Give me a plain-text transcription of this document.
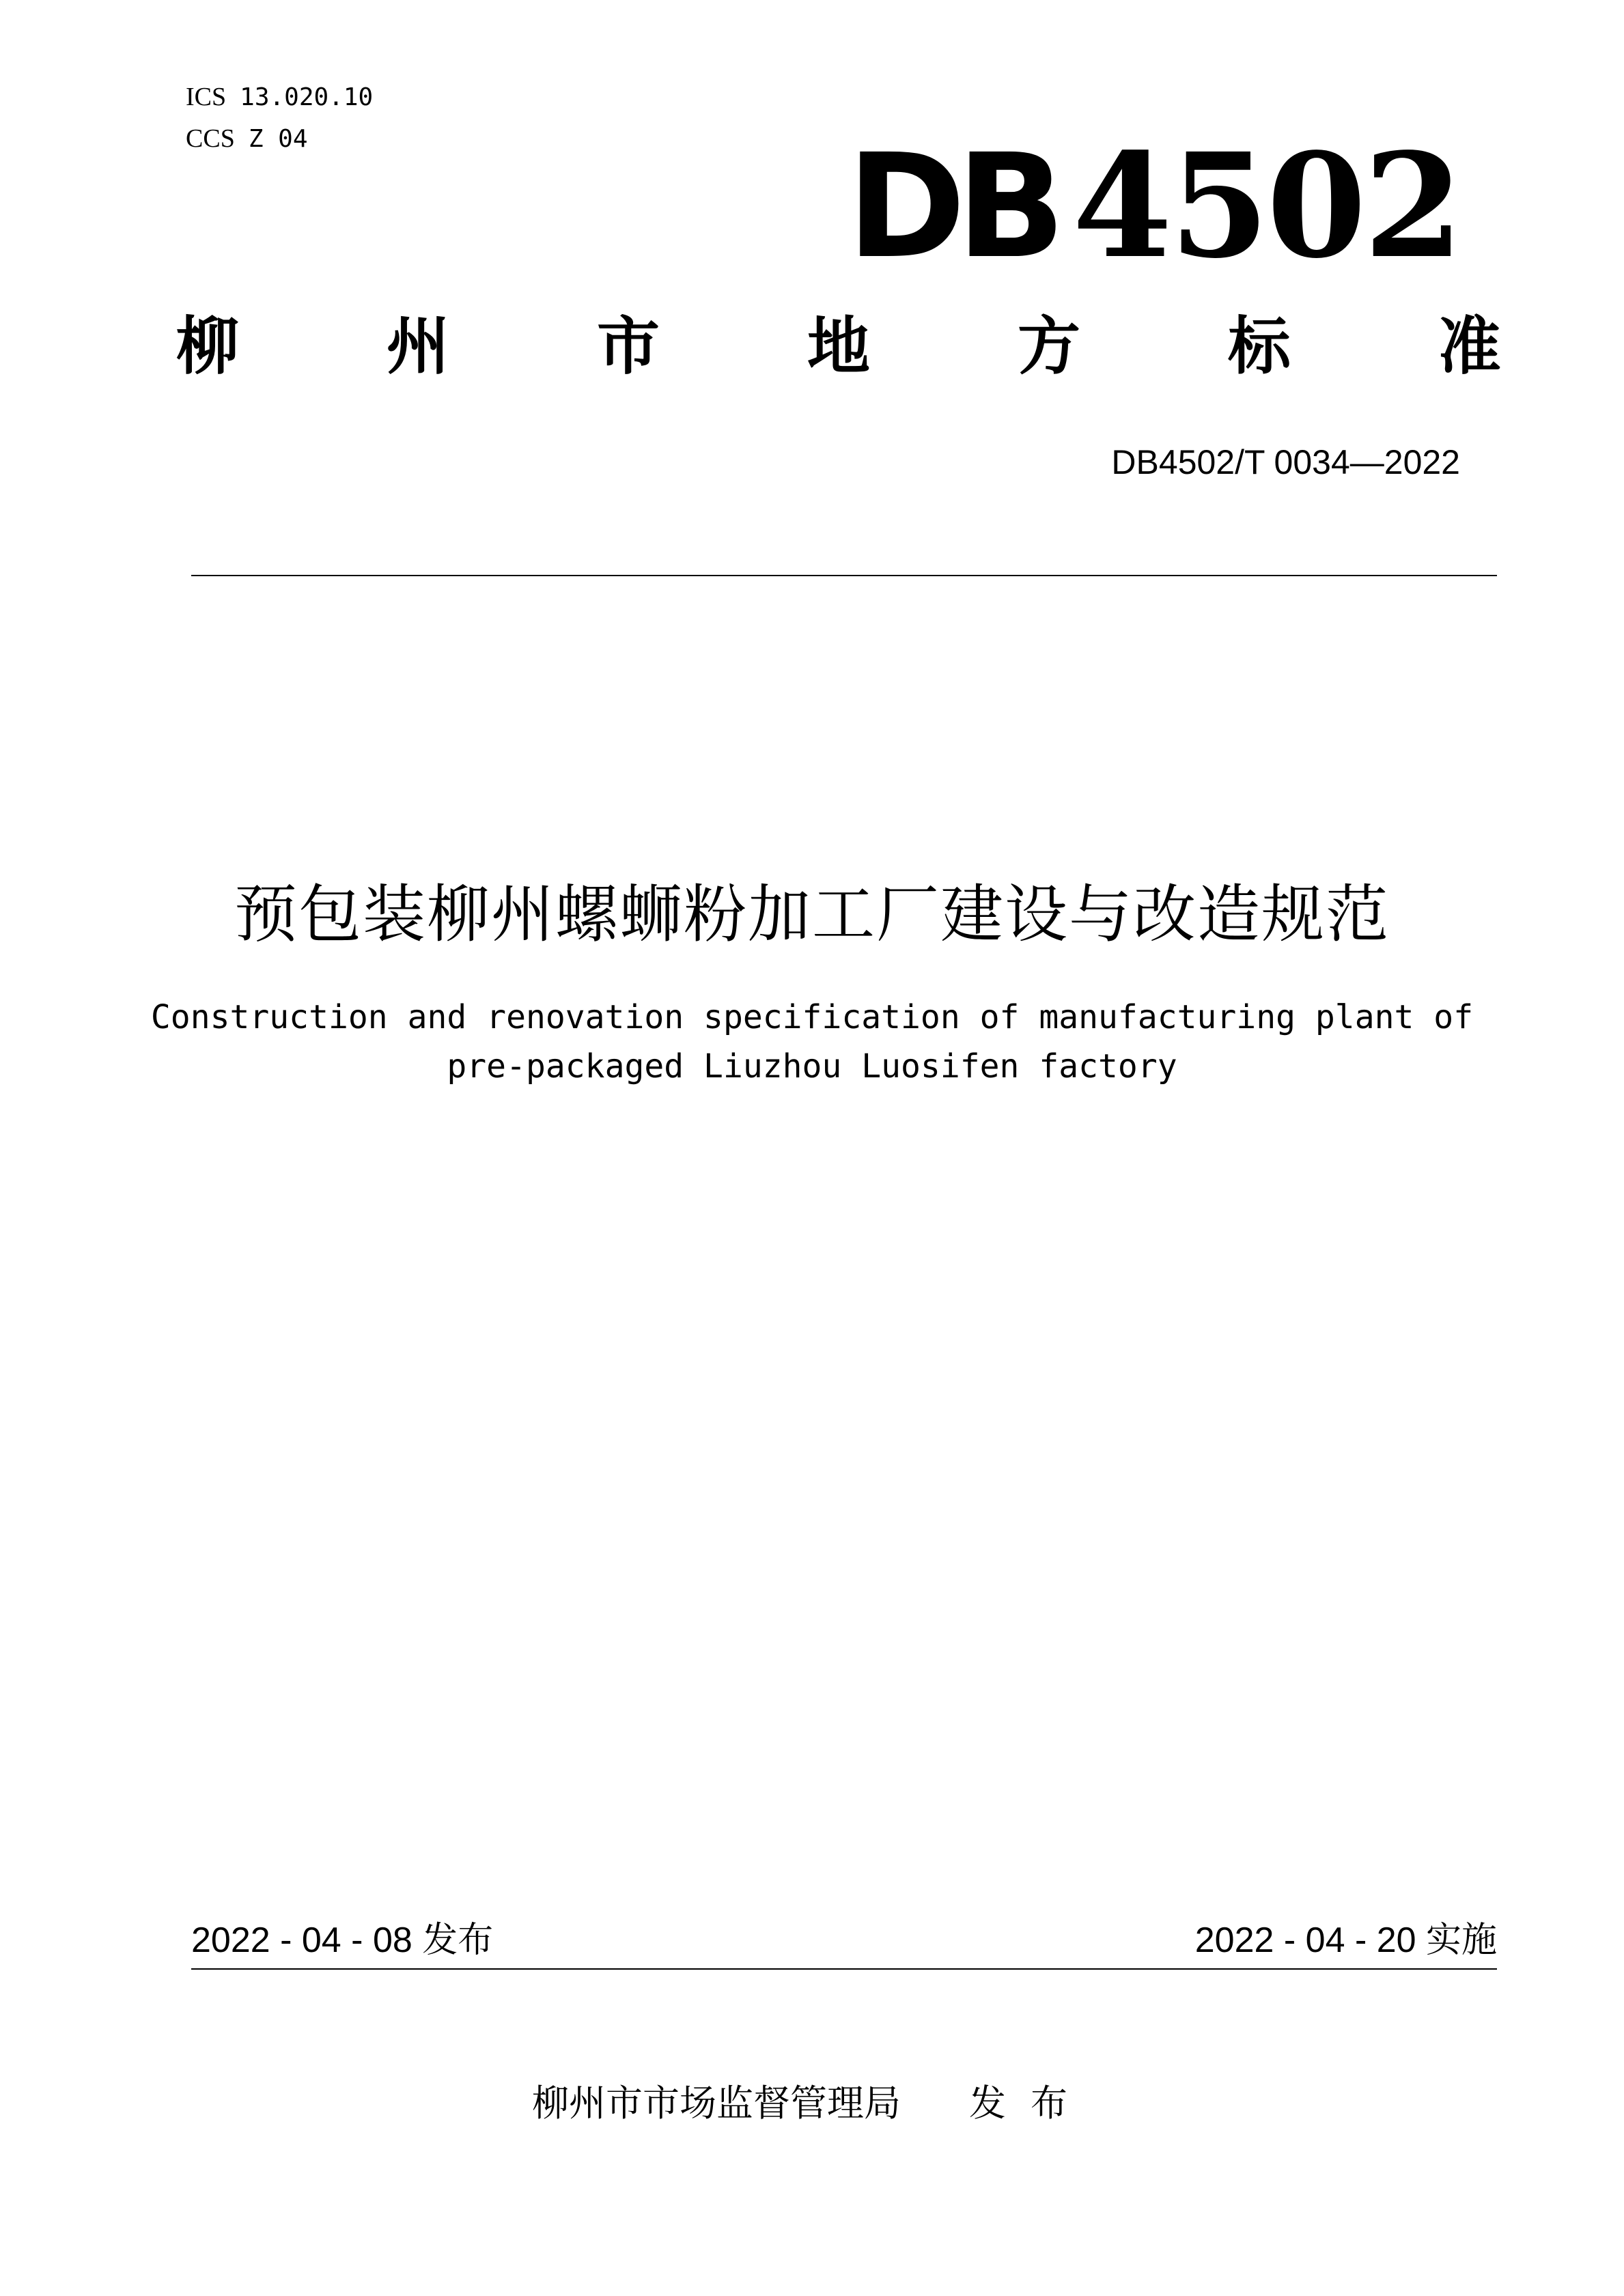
ICS 13.020.10
CCS Z 04	DB 4502
柳 州 市 地 方 标 准
DB4502/T 0034—2022
预包装柳州螺蛳粉加工厂建设与改造规范
Construction and renovation specification of manufacturing plant of
pre-packaged Liuzhou Luosifen factory
2022 - 04 - 08 发布	2022 - 04 - 20 实施
柳州市市场监督管理局 发布
